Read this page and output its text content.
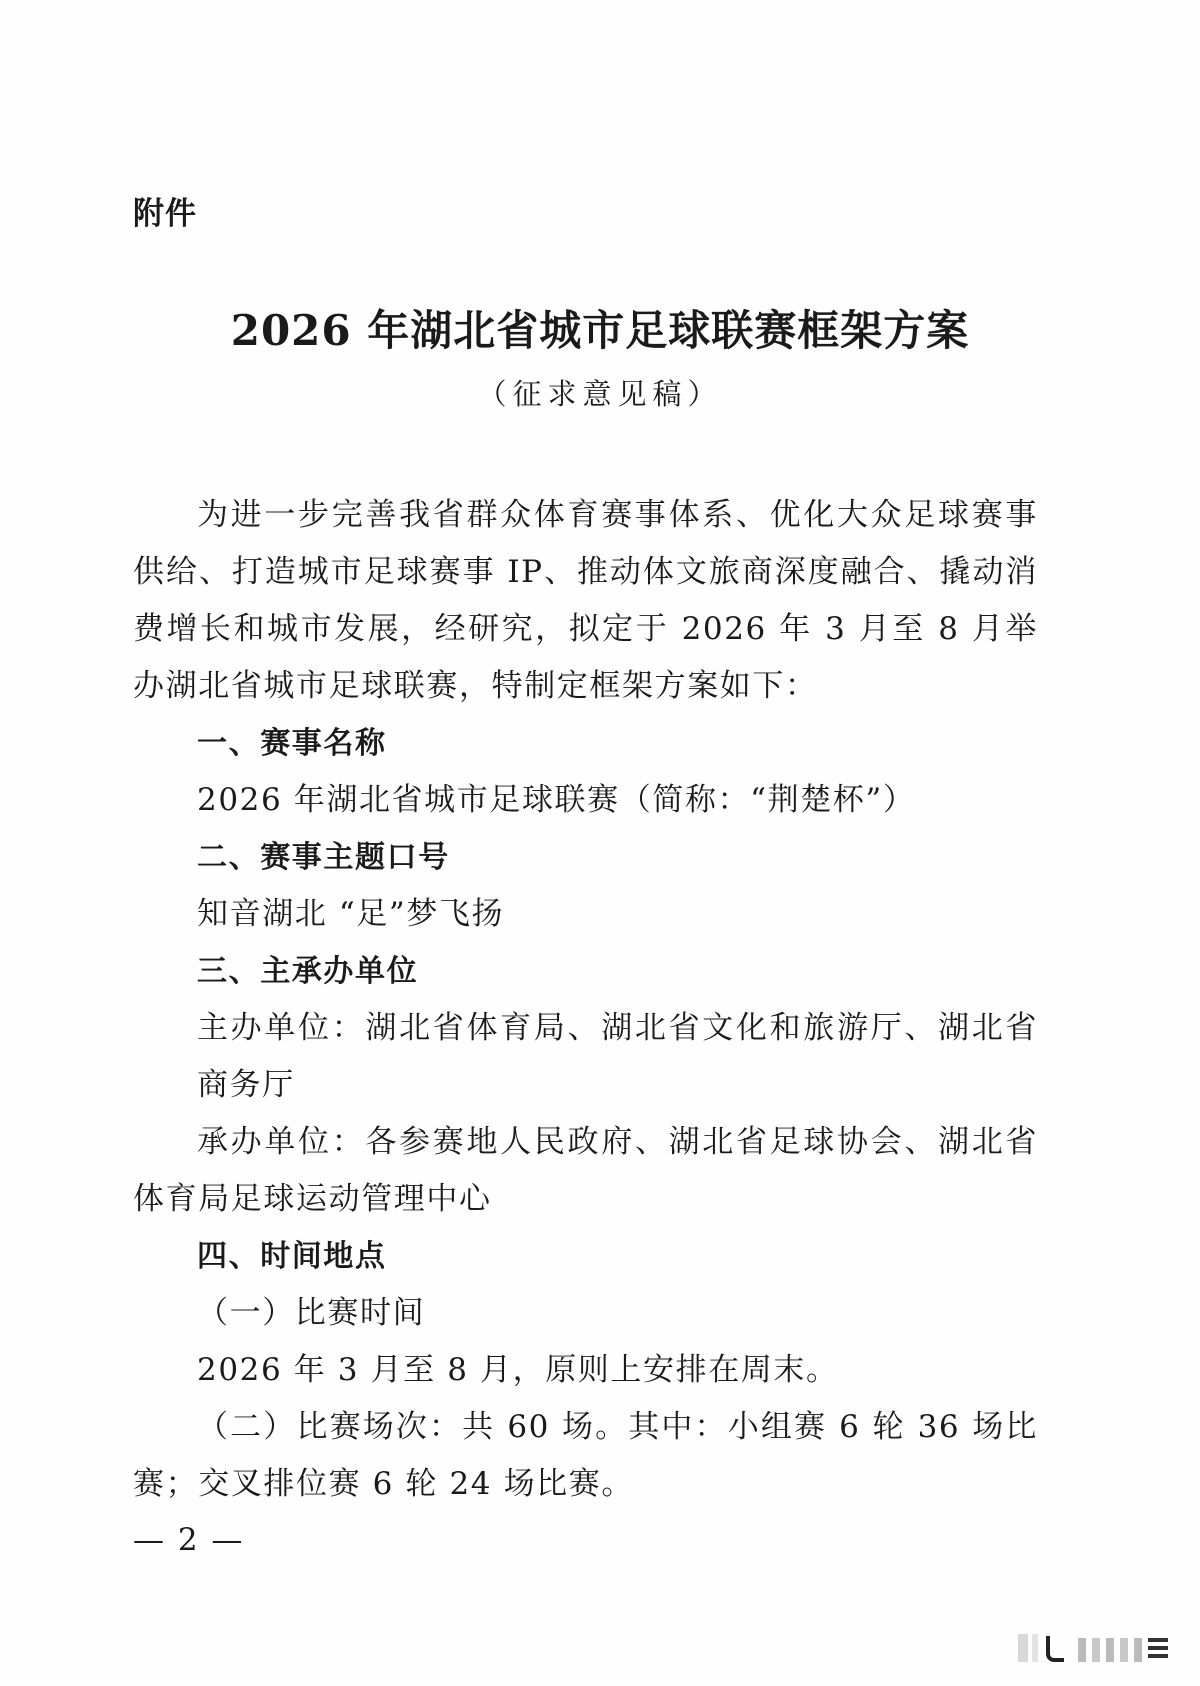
附件
2026 年湖北省城市足球联赛框架方案
（征求意见稿）

为进一步完善我省群众体育赛事体系、优化大众足球赛事供给、打造城市足球赛事 IP、推动体文旅商深度融合、撬动消费增长和城市发展，经研究，拟定于 2026 年 3 月至 8 月举办湖北省城市足球联赛，特制定框架方案如下：

一、赛事名称

2026 年湖北省城市足球联赛（简称：“荆楚杯”）

二、赛事主题口号

知音湖北 “足”梦飞扬

三、主承办单位

主办单位：湖北省体育局、湖北省文化和旅游厅、湖北省商务厅

承办单位：各参赛地人民政府、湖北省足球协会、湖北省体育局足球运动管理中心

四、时间地点

（一）比赛时间

2026 年 3 月至 8 月，原则上安排在周末。

（二）比赛场次：共 60 场。其中：小组赛 6 轮 36 场比赛；交叉排位赛 6 轮 24 场比赛。

— 2 —
